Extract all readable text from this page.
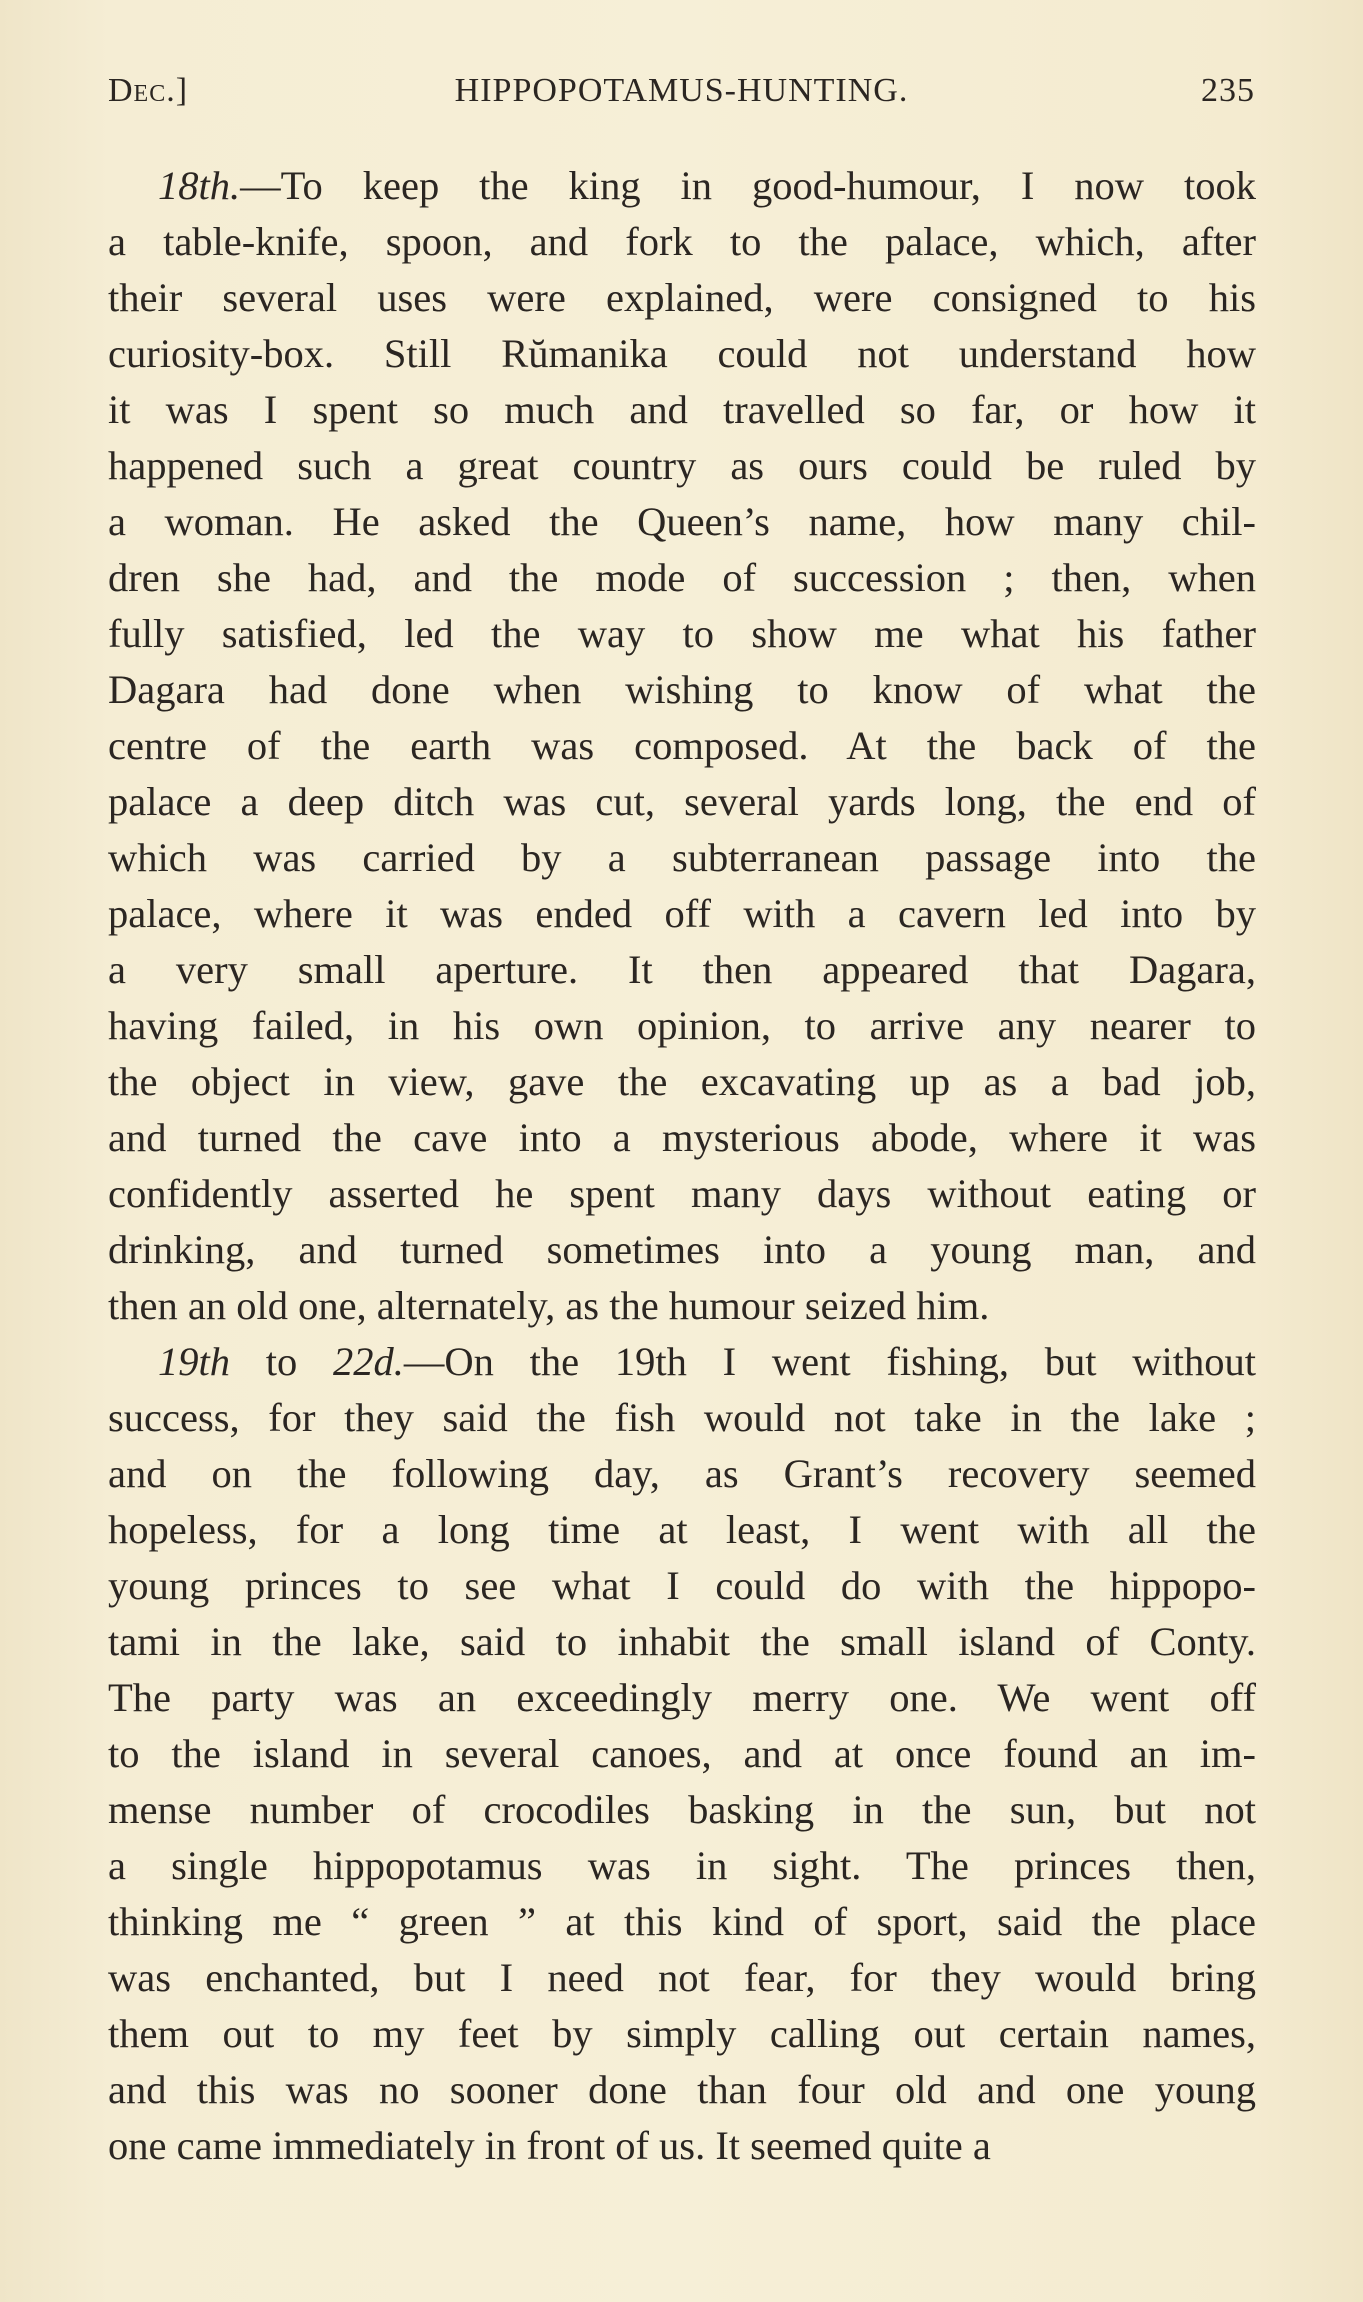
Dec.]	HIPPOPOTAMUS-HUNTING.	235
18th.—To keep the king in good-humour, I now took
a table-knife, spoon, and fork to the palace, which, after
their several uses were explained, were consigned to his
curiosity-box. Still Rŭmanika could not understand how
it was I spent so much and travelled so far, or how it
happened such a great country as ours could be ruled by
a woman. He asked the Queen’s name, how many chil-
dren she had, and the mode of succession ; then, when
fully satisfied, led the way to show me what his father
Dagara had done when wishing to know of what the
centre of the earth was composed. At the back of the
palace a deep ditch was cut, several yards long, the end of
which was carried by a subterranean passage into the
palace, where it was ended off with a cavern led into by
a very small aperture. It then appeared that Dagara,
having failed, in his own opinion, to arrive any nearer to
the object in view, gave the excavating up as a bad job,
and turned the cave into a mysterious abode, where it was
confidently asserted he spent many days without eating or
drinking, and turned sometimes into a young man, and
then an old one, alternately, as the humour seized him.
19th to 22d.—On the 19th I went fishing, but without
success, for they said the fish would not take in the lake ;
and on the following day, as Grant’s recovery seemed
hopeless, for a long time at least, I went with all the
young princes to see what I could do with the hippopo-
tami in the lake, said to inhabit the small island of Conty.
The party was an exceedingly merry one. We went off
to the island in several canoes, and at once found an im-
mense number of crocodiles basking in the sun, but not
a single hippopotamus was in sight. The princes then,
thinking me “ green ” at this kind of sport, said the place
was enchanted, but I need not fear, for they would bring
them out to my feet by simply calling out certain names,
and this was no sooner done than four old and one young
one came immediately in front of us. It seemed quite a
